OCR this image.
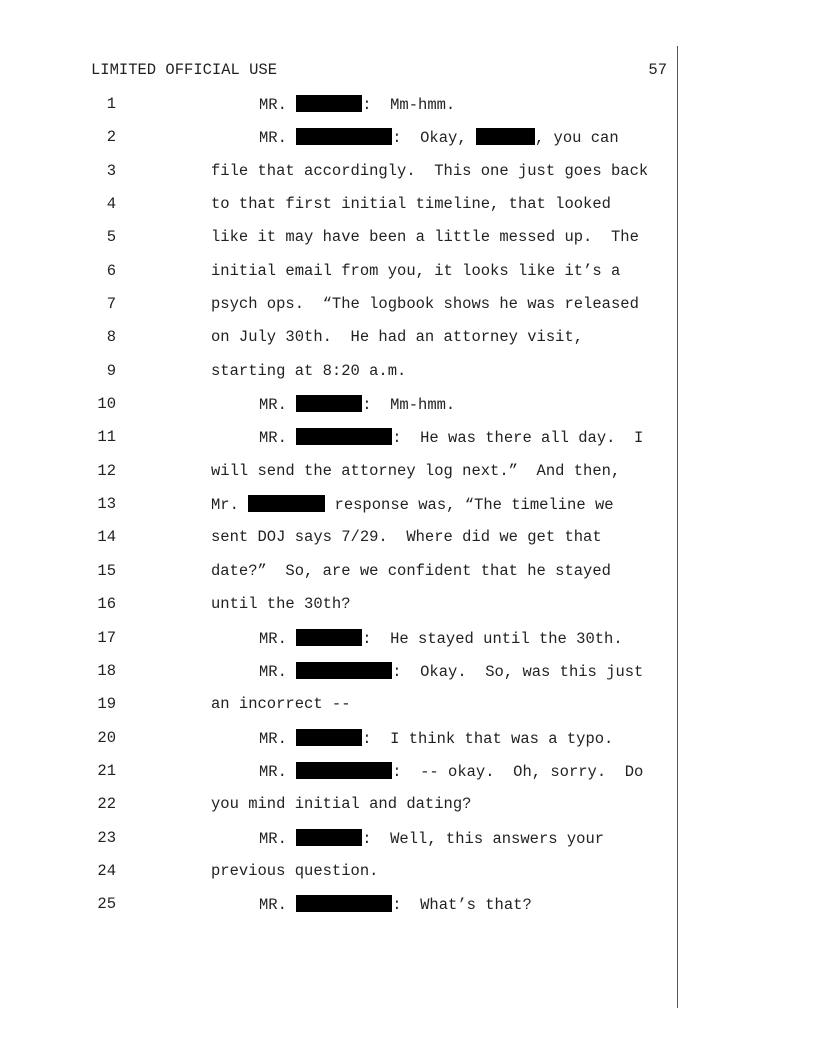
LIMITED OFFICIAL USE	57
1	MR.	:  Mm-hmm.
2	MR.	:  Okay,	, you can
3	file that accordingly.  This one just goes back
4	to that first initial timeline, that looked
5	like it may have been a little messed up.  The
6	initial email from you, it looks like it’s a
7	psych ops.  “The logbook shows he was released
8	on July 30th.  He had an attorney visit,
9	starting at 8:20 a.m.
10	MR.	:  Mm-hmm.
11	MR.	:  He was there all day.  I
12	will send the attorney log next.”  And then,
13	Mr.	response was, “The timeline we
14	sent DOJ says 7/29.  Where did we get that
15	date?”  So, are we confident that he stayed
16	until the 30th?
17	MR.	:  He stayed until the 30th.
18	MR.	:  Okay.  So, was this just
19	an incorrect --
20	MR.	:  I think that was a typo.
21	MR.	:  -- okay.  Oh, sorry.  Do
22	you mind initial and dating?
23	MR.	:  Well, this answers your
24	previous question.
25	MR.	:  What’s that?
